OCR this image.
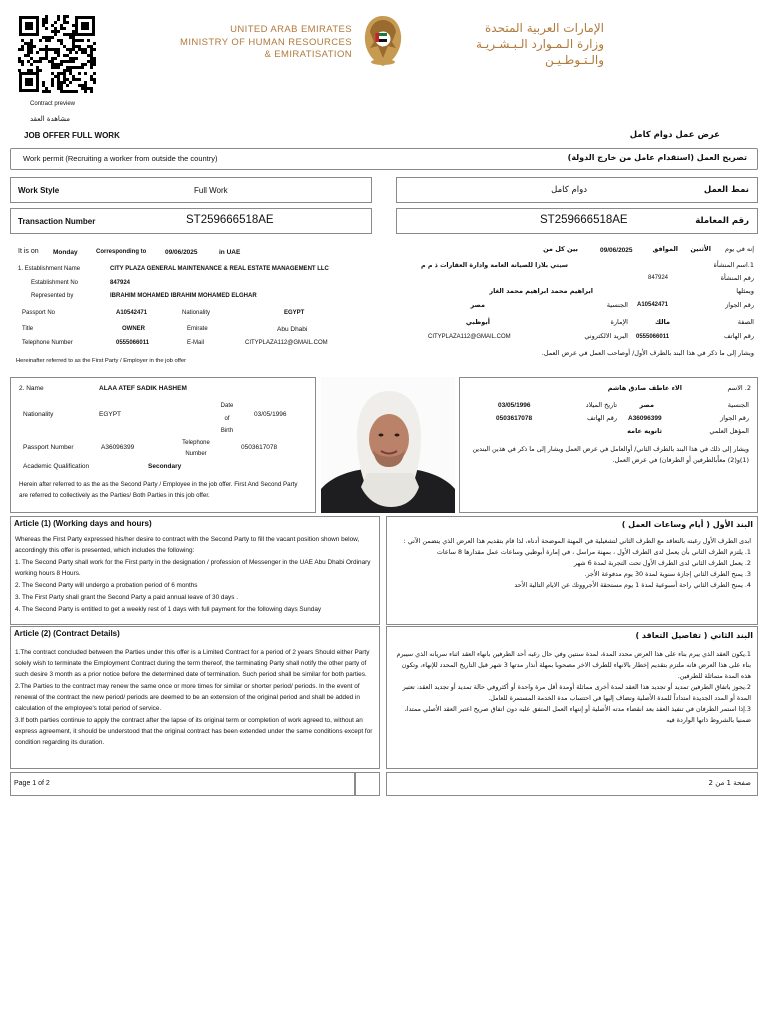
Contract preview
مشاهدة العقد
UNITED ARAB EMIRATES
MINISTRY OF HUMAN RESOURCES
& EMIRATISATION
الإمارات العربية المتحدة
وزارة الـمـوارد الـبـشـريـة
والـتـوطـيـن
JOB OFFER FULL WORK	عرض عمل دوام كامل
Work permit (Recruiting a worker from outside the country)	تصريح العمل (استقدام عامل من خارج الدولة)
Work Style	Full Work	نمط العمل
دوام كامل
Transaction Number	ST259666518AE	رقم المعاملة
ST259666518AE
It is on Monday	Corresponding to	09/06/2025	in UAE
1. Establishment Name	CITY PLAZA GENERAL MAINTENANCE & REAL ESTATE MANAGEMENT LLC
Establishment No	847924
Represented by	IBRAHIM MOHAMED IBRAHIM MOHAMED ELGHAR
Passport No	A10542471	Nationality	EGYPT
Title	OWNER	Emirate	Abu Dhabi
Telephone Number	0555066011	E-Mail	CITYPLAZA112@GMAIL.COM
Hereinafter referred to as the First Party / Employer in the job offer
إنه في يوم
الأثنين
الموافق
09/06/2025
بين كل من
1.اسم المنشأة
سيتي بلازا للصيانة العامة وادارة العقارات ذ م م
رقم المنشأة
847924
ويمثلها
ابراهيم محمد ابراهيم محمد الغار
رقم الجواز
A10542471
الجنسية
مصر
الصفة
مالك
الإمارة
أبوظبي
رقم الهاتف
0555066011
البريد الالكتروني
CITYPLAZA112@GMAIL.COM
ويشار إلى ما ذكر في هذا البند بالطرف الأول/ أوصاحب العمل في عرض العمل.
2. Name	ALAA ATEF SADIK HASHEM
Nationality	EGYPT
Date
of
Birth
03/05/1996
Passport Number	A36096399
Telephone
Number
0503617078
Academic Qualification	Secondary
Herein after referred to as the as the Second Party / Employee in the job offer. First And Second Party are referred to collectively as the Parties/ Both Parties in this job offer.
2. الاسم
الاء عاطف صادق هاشم
الجنسية
مصر
تاريخ الميلاد
03/05/1996
رقم الجواز
A36096399
رقم الهاتف
0503617078
المؤهل العلمي
ثانويه عامه
ويشار إلى ذلك في هذا البند بالطرف الثاني/ أوالعامل في عرض العمل ويشار إلى ما ذكر في هذين البندين (1)و(2) معاًبالطرفين أو الطرفان) في عرض العمل.
Article (1) (Working days and hours)

Whereas the First Party expressed his/her desire to contract with the Second Party to fill the vacant position shown below, accordingly this offer is presented, which includes the following:

1. The Second Party shall work for the First party in the designation / profession of Messenger in the UAE Abu Dhabi Ordinary working hours 8 Hours.

2. The Second Party will undergo a probation period of 6 months

3. The First Party shall grant the Second Party a paid annual leave of 30 days .

4. The Second Party is entitled to get a weekly rest of 1 days with full payment for the following days Sunday

البند الأول ( أيام وساعات العمل )

ابدى الطرف الأول رغبته بالتعاقد مع الطرف الثاني لتشغيلية في المهنة الموضحة أدناه، لذا قام بتقديم هذا العرض الذي يتضمن الآتي :

1. يلتزم الطرف الثاني بأن يعمل لدى الطرف الأول ، بمهنة مراسل ، في إمارة أبوظبي وساعات عمل مقدارها 8 ساعات

2. يعمل الطرف الثاني لدى الطرف الأول تحت التجربة لمدة 6 شهر

3. يمنح الطرف الثاني إجازة سنوية لمدة 30 يوم مدفوعة الأجر.

4. يمنح الطرف الثاني راحة أسبوعية لمدة 1 يوم مستحقة الأجرووتك عن الايام التالية الأحد

Article (2) (Contract Details)

1.The contract concluded between the Parties under this offer is a Limited Contract for a period of 2 years Should either Party solely wish to terminate the Employment Contract during the term thereof, the terminating Party shall notify the other party of such desire 3 month as a prior notice before the determined date of termination. Such period shall be similar for both parties.

2.The Parties to the contract may renew the same once or more times for similar or shorter period/ periods. In the event of renewal of the contract the new period/ periods are deemed to be an extension of the original period and shall be added in calculation of the employee's total period of service.

3.If both parties continue to apply the contract after the lapse of its original term or completion of work agreed to, without an express agreement, it should be understood that the original contract has been extended under the same conditions except for condition regarding its duration.

البند الثاني ( تفاصيل التعاقد )

1.يكون العقد الذي يبرم بناء على هذا العرض محدد المدة، لمدة سنتين وفي حال رغبه أحد الطرفين بانهاء العقد اثناء سريانه الذي سيبرم بناء على هذا العرض فانه ملتزم بتقديم إخطار بالانهاء للطرف الاخر مصحوبا بمهلة أنذار مدتها 3 شهر قبل التاريخ المحدد للإنهاء، وتكون هذه المدة متماثلة للطرفين.

2.يجوز باتفاق الطرفين تمديد أو تجديد هذا العقد لمدة أخرى مماثلة أومدة أقل مرة واحدة أو أكثروفي حالة تمديد أو تجديد العقد، تعتبر المدة أو المدد الجديدة امتداداً للمدة الأصلية وتضاف إليها في احتساب مدة الخدمة المستمرة للعامل.

3.إذا استمر الطرفان في تنفيذ العقد بعد انقضاء مدته الأصلية أو إنتهاء العمل المتفق عليه دون اتفاق صريح اعتبر العقد الأصلي ممتدا، ضمنيا بالشروط ذاتها الواردة فيه

Page 1 of 2	صفحة 1 من 2
